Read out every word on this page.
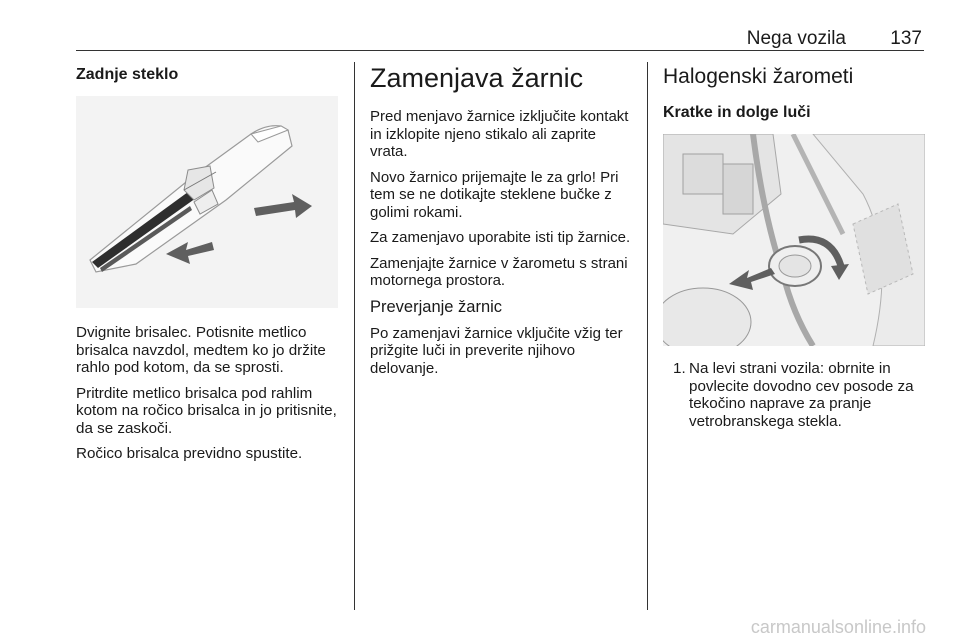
Nega vozila 137
Zadnje steklo

Dvignite brisalec. Potisnite metlico brisalca navzdol, medtem ko jo držite rahlo pod kotom, da se sprosti.

Pritrdite metlico brisalca pod rahlim kotom na ročico brisalca in jo pritisnite, da se zaskoči.

Ročico brisalca previdno spustite.

Zamenjava žarnic

Pred menjavo žarnice izključite kontakt in izklopite njeno stikalo ali zaprite vrata.

Novo žarnico prijemajte le za grlo! Pri tem se ne dotikajte steklene bučke z golimi rokami.

Za zamenjavo uporabite isti tip žarnice.

Zamenjajte žarnice v žarometu s strani motornega prostora.

Preverjanje žarnic

Po zamenjavi žarnice vključite vžig ter prižgite luči in preverite njihovo delovanje.

Halogenski žarometi
Kratke in dolge luči
1. Na levi strani vozila: obrnite in povlecite dovodno cev posode za tekočino naprave za pranje vetrobranskega stekla.
carmanualsonline.info
